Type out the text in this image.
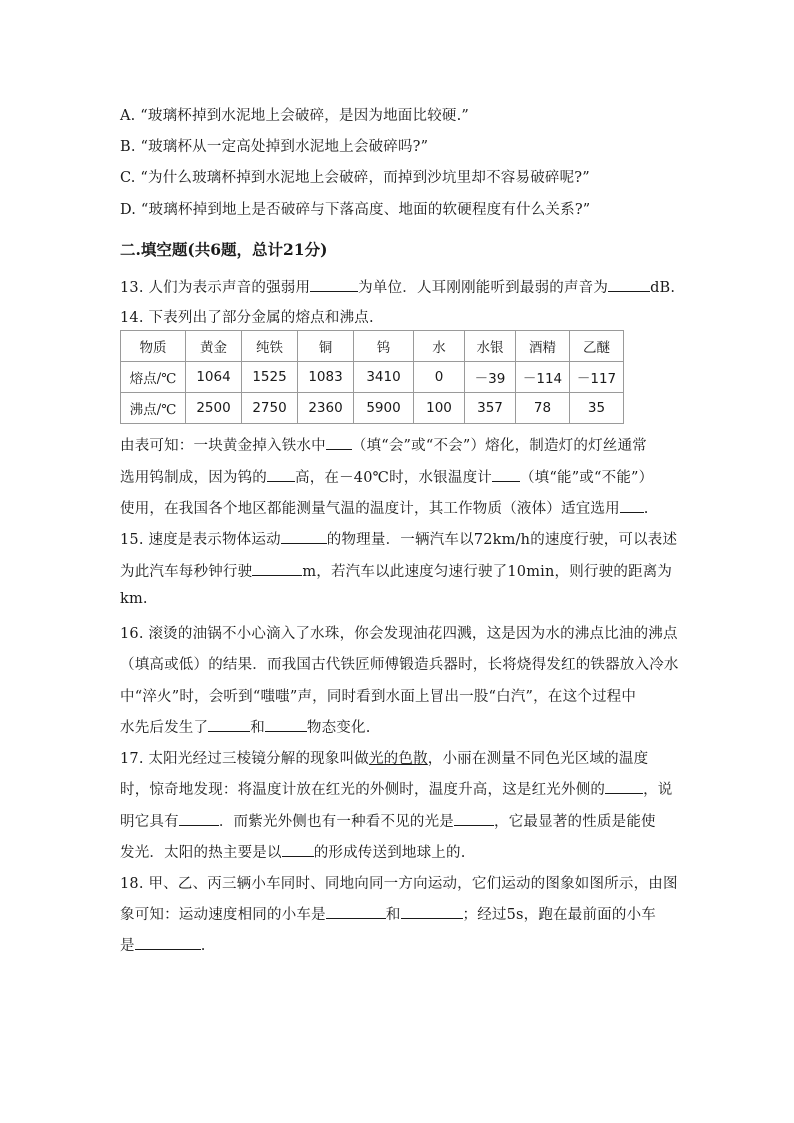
A. “玻璃杯掉到水泥地上会破碎，是因为地面比较硬.”
B. “玻璃杯从一定高处掉到水泥地上会破碎吗?”
C. “为什么玻璃杯掉到水泥地上会破碎，而掉到沙坑里却不容易破碎呢?”
D. “玻璃杯掉到地上是否破碎与下落高度、地面的软硬程度有什么关系?”
二.填空题(共6题，总计21分)
13. 人们为表示声音的强弱用	为单位．人耳刚刚能听到最弱的声音为	dB.
14. 下表列出了部分金属的熔点和沸点.
物质	黄金	纯铁	铜	钨	水	水银	酒精	乙醚
熔点/℃	1064	1525	1083	3410	0	－39	－114	－117
沸点/℃	2500	2750	2360	5900	100	357	78	35
由表可知：一块黄金掉入铁水中 （填“会”或“不会”）熔化，制造灯的灯丝通常
选用钨制成，因为钨的 高，在－40℃时，水银温度计 （填“能”或“不能”）
使用，在我国各个地区都能测量气温的温度计，其工作物质（液体）适宜选用 .
15. 速度是表示物体运动	的物理量．一辆汽车以72km/h的速度行驶，可以表述
为此汽车每秒钟行驶	m，若汽车以此速度匀速行驶了10min，则行驶的距离为
km.
16. 滚烫的油锅不小心滴入了水珠，你会发现油花四溅，这是因为水的沸点比油的沸点
（填高或低）的结果．而我国古代铁匠师傅锻造兵器时，长将烧得发红的铁器放入冷水
中“淬火”时，会听到“嗤嗤”声，同时看到水面上冒出一股“白汽”，在这个过程中
水先后发生了	和	物态变化.
17. 太阳光经过三棱镜分解的现象叫做光的色散，小丽在测量不同色光区域的温度
时，惊奇地发现：将温度计放在红光的外侧时，温度升高，这是红光外侧的	，说
明它具有	．而紫光外侧也有一种看不见的光是	，它最显著的性质是能使
发光．太阳的热主要是以 的形成传送到地球上的.
18. 甲、乙、丙三辆小车同时、同地向同一方向运动，它们运动的图象如图所示，由图
象可知：运动速度相同的小车是	和	；经过5s，跑在最前面的小车
是	.
